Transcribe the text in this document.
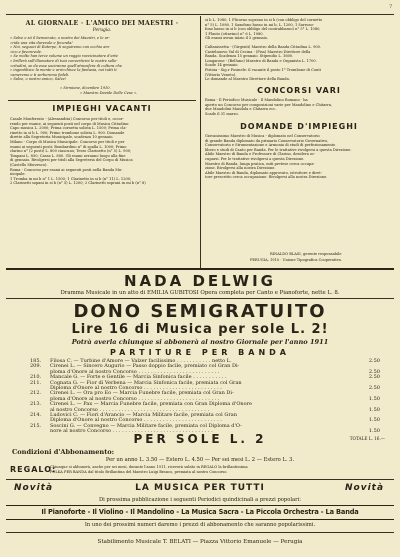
7
AL GIORNALE · L'AMICO DEI MAESTRI ·
Perugia.
« Salve e sii il benvenuto, o nostro dei Maestri, e le ar-
«rida una vita durevole e feconda!
« Noi, seguaci di Euterpe, ti seguiremo con occhio am-
«ico e favorevole.
« Se molte han terze volume un raggio ravvicinatore d'arte
« brillerà sull'illumatore di tuoi converticini le nostre solle-
«citudini, se da esse usciranno quell'atmosfera di cultura che
« ingentilisce la mente e arricchisce la fantasia, noi tutti ti
«ameremo e ti serberemo fedeli.
« Salve, o nostro amico, Salve!
« Sirmione, dicembre 1910.
« Maestro Davide Delle Cese ».
IMPIEGHI VACANTI
Casale Monferrato - (Alessandria) Concorso per titoli e, occor-
rendo per esame, ai seguenti posti nel corpo di Musica Cittadino:
Capo musica L. 2000; Prima cornetta solista L. 1500; Prima cla-
rinetto in si b L. 900; Primo trombone solista L. 900. Domande
dirette alla Segreteria Municipale, scadenza 10 gennaio.
Milano - Corpo di Musica Municipale. Concorso per titoli e per
esami ai seguenti posti: Bombardino n° di spalla L. 1000; Primo
clarino n° (2 posti) L. 800 ciascuno; Terzo Clarinetto (n° 5) L. 900;
Timpani L. 850; Cassa L. 800. Gli esami avranno luogo alla fine
di gennaio. Rivolgersi per titoli alla Segreteria del Corpo di Musica
(Castello Sforzesco).
Roma - Concorso per esami ai seguenti posti nella Banda Mu-
nicipale:
1 Tromba in mi b n° 1 L. 1500; 1 Clarinetto in si b (n° 11) L. 1200;
2 Clarinetti sopani in si b (n° 5) L. 1200; 2 Clarinetti soprani in mi b (n° 8)
si b L. 1080, 1 Flicorno soprano in si b (con obbligo del cornetto
n° 5) L. 1080, 1 Saxofono basso in mi b, L. 1200, 1 Sarruso-
fono basso in si b (con obbligo del contrabbasso) n° 5° L. 1080,
1 Flauto (ottavino) n° 6 L. 1080.
Gli esami avran inizio il 5 gennaio.
Caltanissetta - (Girgenti) Maestro della Banda Cittadina L. 900.
Castelnuovo Val di Cecina - (Pisa) Maestro Direttore della
Banda. Scadenza 15 gennaio. Stipendio L. 1600.
Longarone - (Belluno) Maestro di Banda e Organista L. 1700.
Scade 14 gennaio.
Pistoia - Sig.r Fosinele: il vacante il posto 1° Trombone di Conti
(Vittorio Veneto).
Le domande al Maestro Direttore della Banda.
CONCORSI VARI
Roma - Il Periodico Musicale · Il Mandolino Romano · ha
aperto un Concorso per composizioni varie per Mandolino e Chitarra,
due Mandolini Mandola e Chitarra ecc.
Scade il 31 marzo.
DOMANDE D'IMPIEGHI
Giovanissimo Maestro di Musica - diplomato nel Conservatorio
di grande Banda diplomato da primario Conservatorio Governativo,
Conservatorio e Strumentazione e Armonia di studi di perfezionamento
libero e studi di Canto per Banda. Per le trattative rivolgersi a questa Direzione.
Abile Maestro di Banda e Professore di Clarino, desidera oc-
cuparsi. Per le trattative rivolgersi a questa Direzione.
Maestro di Banda, lunga pratica, miti pretese cerca occupa-
zione. Rivolgersi alla nostra Direzione.
Abile Maestro di Banda, diplomato approvato, istruttore e diret-
tore prescritto cerca occupazione. Rivolgersi alla nostra Direzione.
RINALDO BLASI, gerente responsabile
PERUGIA, 1910 · Unione Tipografica Cooperativa.
NADA DELWIG
Dramma Musicale in un atto di EMILIA GUBITOSI Opera completa per Canto e Pianoforte, nette L. 8.
DONO SEMIGRATUITO
Lire 16 di Musica per sole L. 2!
Potrà averla chiunque si abbonerà al nostro Giornale per l'anno 1911
PARTITURE PER BANDA
185.	Filosa C. — Turbine d'Amore — Valzer facilissimo . . . . . . . . . . . netto L.	2.50
209.	Cirenei L. — Sincero Augurio — Passo doppio facile, premiato col Gran Di-
ploma d'Onore al nostro Concorso . . . . . . . . . . . . . . . . . . . . . . . . . .	2.50
210.	Mancale G. — Forte e Gentile — Marcia Sinfonica facile . . . . . . . . . . .	2.50
211.	Cognata G. — Fior di Verbena — Marcia Sinfonica facile, premiata col Gran
Diploma d'Onore al nostro Concorso . . . . . . . . . . . . . . . . . . . . . . . . .	2.50
212.	Cirenei L. — Ora pro Eo — Marcia Funebre facile, premiata col Gran Di-
ploma d'Onore al nostro Concorso . . . . . . . . . . . . . . . . . . . . . . . . . .	1.50
213.	Cirenei L. — Pax — Marcia Funebre facile, premiata con Gran Diploma d'Onore
al nostro Concorso . . . . . . . . . . . . . . . . . . . . . . . . . . . . . . . . . . .	1.50
214.	Ludovici C. — Fiori d'Arancio — Marcia Militare facile, premiata col Gran
Diploma d'Onore al nostro Concorso . . . . . . . . . . . . . . . . . . . . . . . . .	1.50
215.	Soscini G. — Convegno — Marcia Militare facile, premiata col Diploma d'O-
nore al nostro Concorso . . . . . . . . . . . . . . . . . . . . . . . . . . . . . . . .	1.50
TOTALE L. 16.—
PER SOLE L. 2
Condizioni d'Abbonamento:
Per un anno L. 3.50 — Estero L. 4.50 — Per sei mesi L. 2 — Estero L. 3.
REGALO:
Chiunque si abbonerà, anche per sei mesi, durante l'anno 1911, riceverà subito in REGALO la brillantissima
POLKA PER BANDA dal titolo Brillantina del Maestro Luigi Branco, premiata al nostro Concorso.
Novità	LA MUSICA PER TUTTI	Novità
Di prossima pubblicazione i seguenti Periodici quindicinali a prezzi popolari:
Il Pianoforte - Il Violino - Il Mandolino - La Musica Sacra - La Piccola Orchestra - La Banda
In uno dei prossimi numeri daremo i prezzi di abbonamento che saranno popolarissimi.
Stabilimento Musicale T. BELATI — Piazza Vittorio Emanuele — Perugia
